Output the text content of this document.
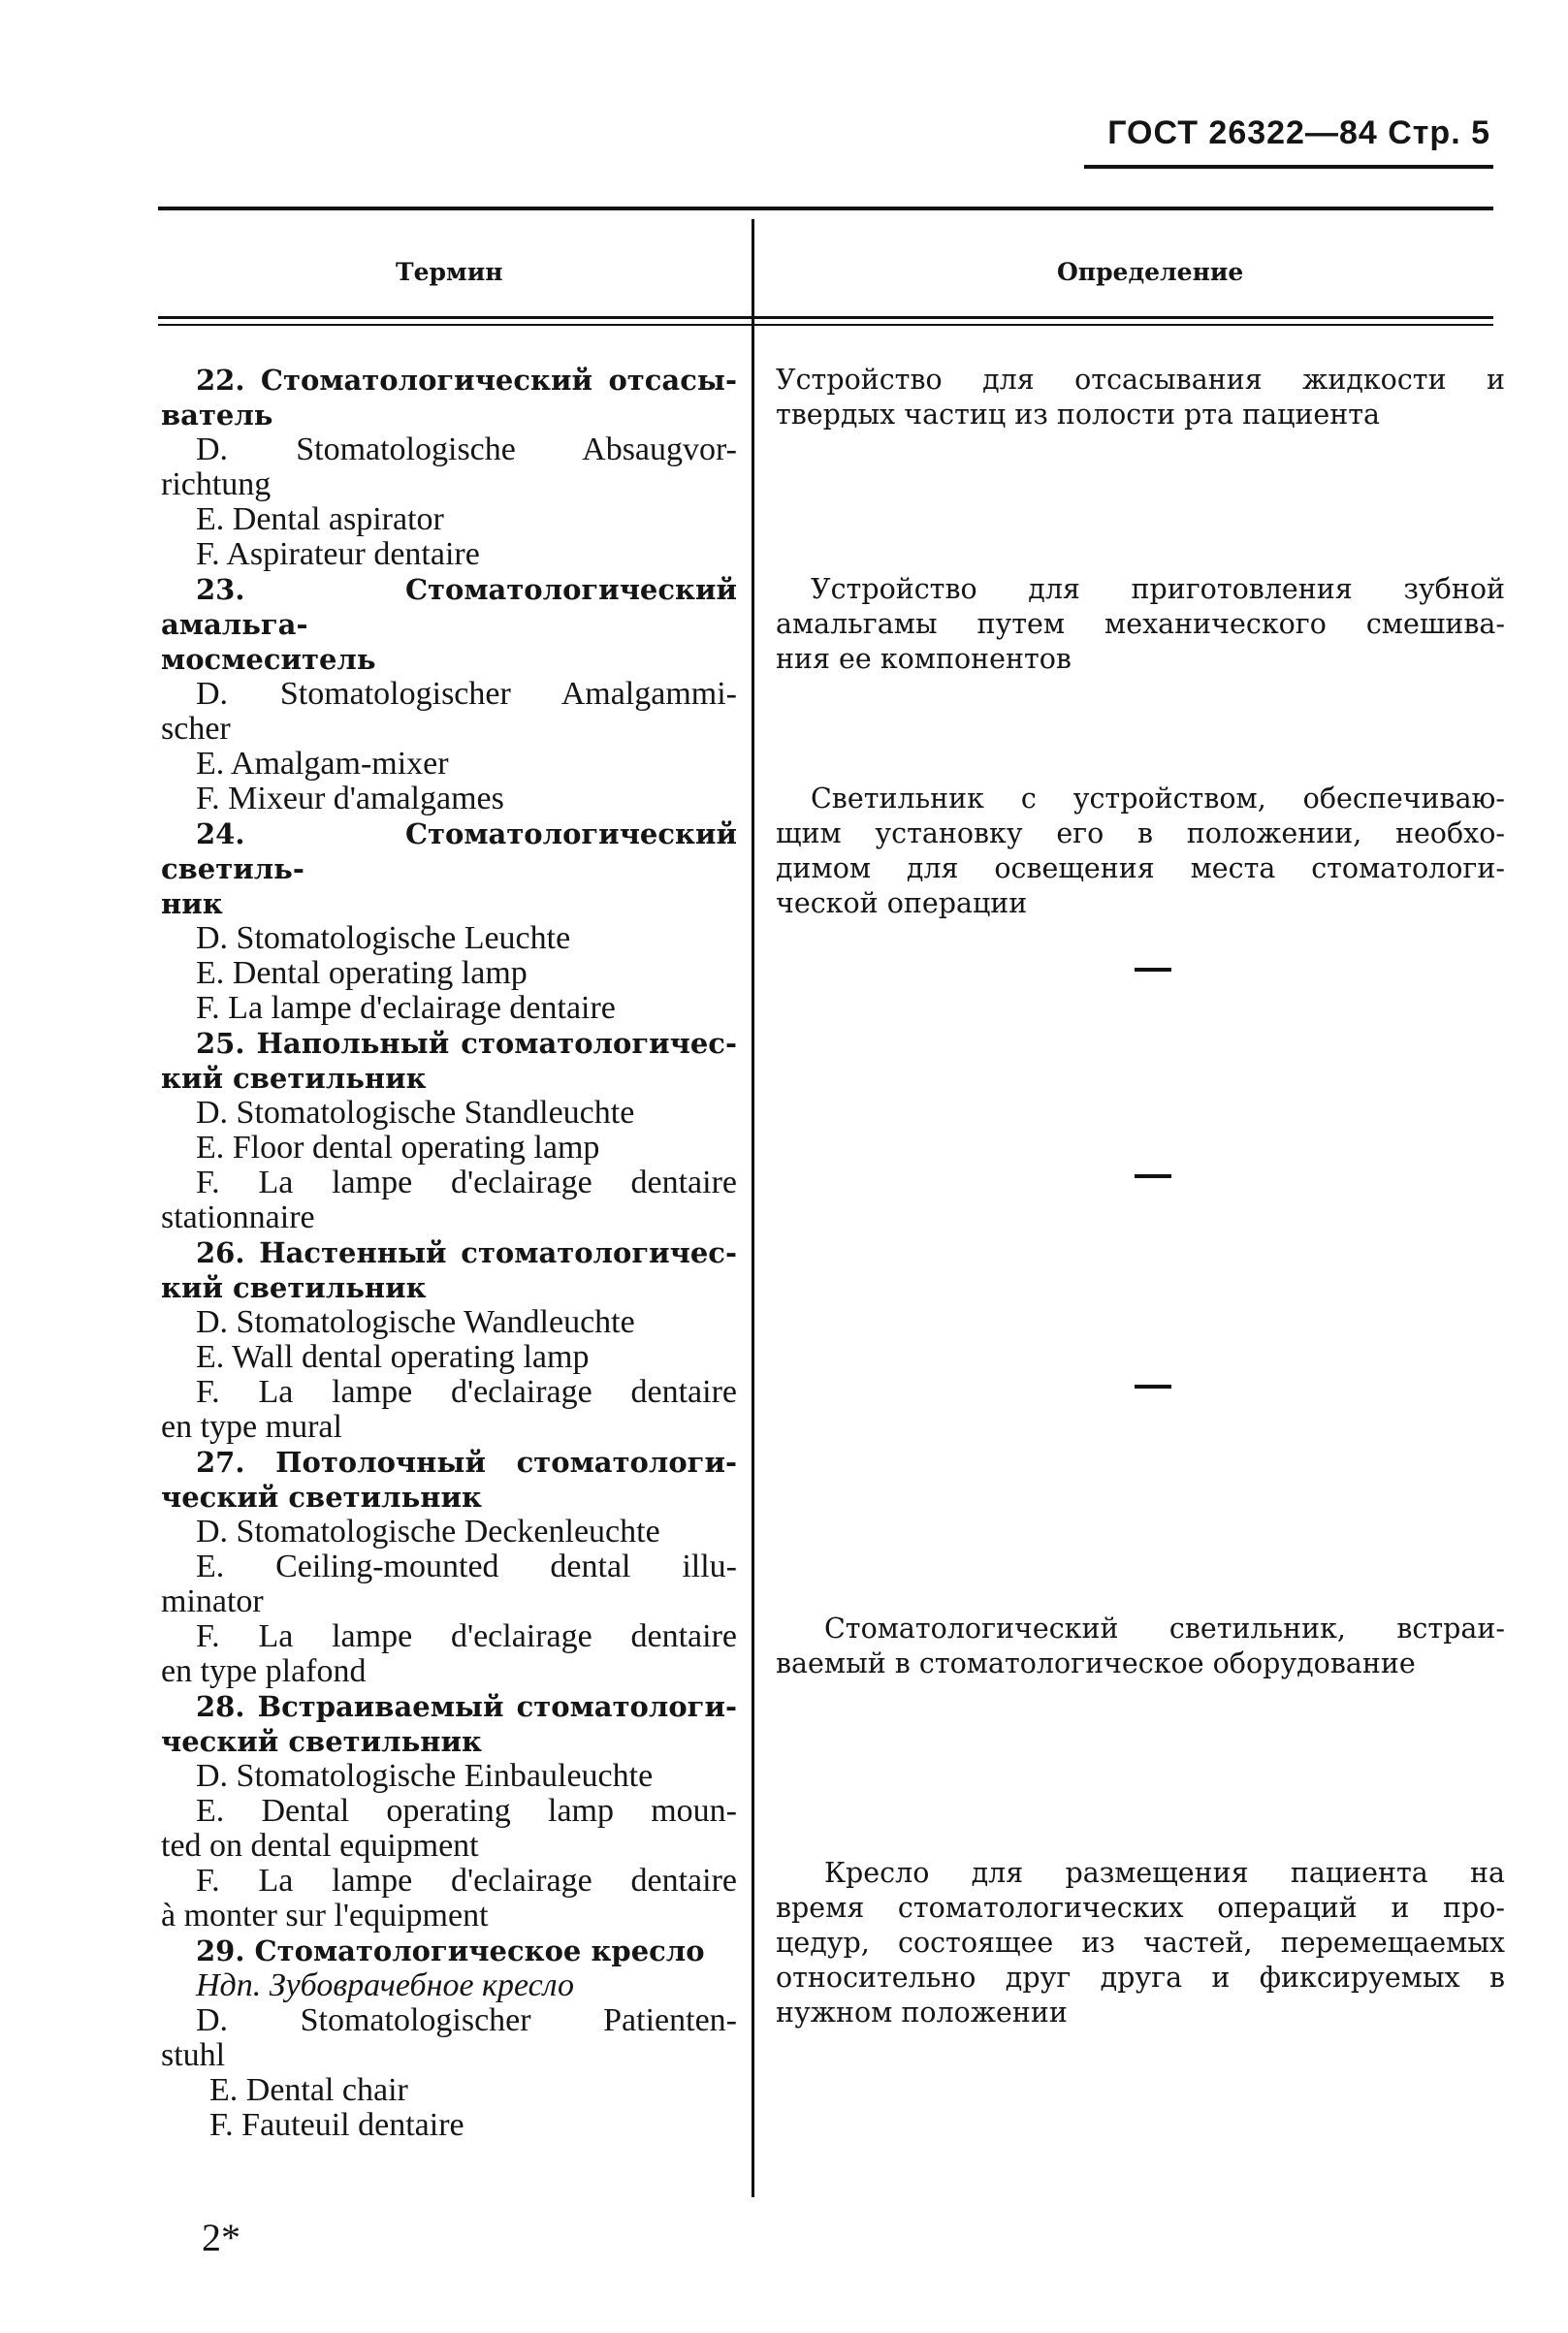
ГОСТ 26322—84 Стр. 5
Термин	Определение
22. Стоматологический отсасы-
ватель
D. Stomatologische Absaugvor-
richtung
E. Dental aspirator
F. Aspirateur dentaire
23. Стоматологический амальга-
мосмеситель
D. Stomatologischer Amalgammi-
scher
E. Amalgam-mixer
F. Mixeur d'amalgames
24. Стоматологический светиль-
ник
D. Stomatologische Leuchte
E. Dental operating lamp
F. La lampe d'eclairage dentaire
25. Напольный стоматологичес-
кий светильник
D. Stomatologische Standleuchte
E. Floor dental operating lamp
F. La lampe d'eclairage dentaire
stationnaire
26. Настенный стоматологичес-
кий светильник
D. Stomatologische Wandleuchte
E. Wall dental operating lamp
F. La lampe d'eclairage dentaire
en type mural
27. Потолочный стоматологи-
ческий светильник
D. Stomatologische Deckenleuchte
E. Ceiling-mounted dental illu-
minator
F. La lampe d'eclairage dentaire
en type plafond
28. Встраиваемый стоматологи-
ческий светильник
D. Stomatologische Einbauleuchte
E. Dental operating lamp moun-
ted on dental equipment
F. La lampe d'eclairage dentaire
à monter sur l'equipment
29. Стоматологическое кресло
Ндп. Зубоврачебное кресло
D. Stomatologischer Patienten-
stuhl
E. Dental chair
F. Fauteuil dentaire
Устройство для отсасывания жидкости и
твердых частиц из полости рта пациента
Устройство для приготовления зубной
амальгамы путем механического смешива-
ния ее компонентов
Светильник с устройством, обеспечиваю-
щим установку его в положении, необхо-
димом для освещения места стоматологи-
ческой операции
Стоматологический светильник, встраи-
ваемый в стоматологическое оборудование
Кресло для размещения пациента на
время стоматологических операций и про-
цедур, состоящее из частей, перемещаемых
относительно друг друга и фиксируемых в
нужном положении
2*
